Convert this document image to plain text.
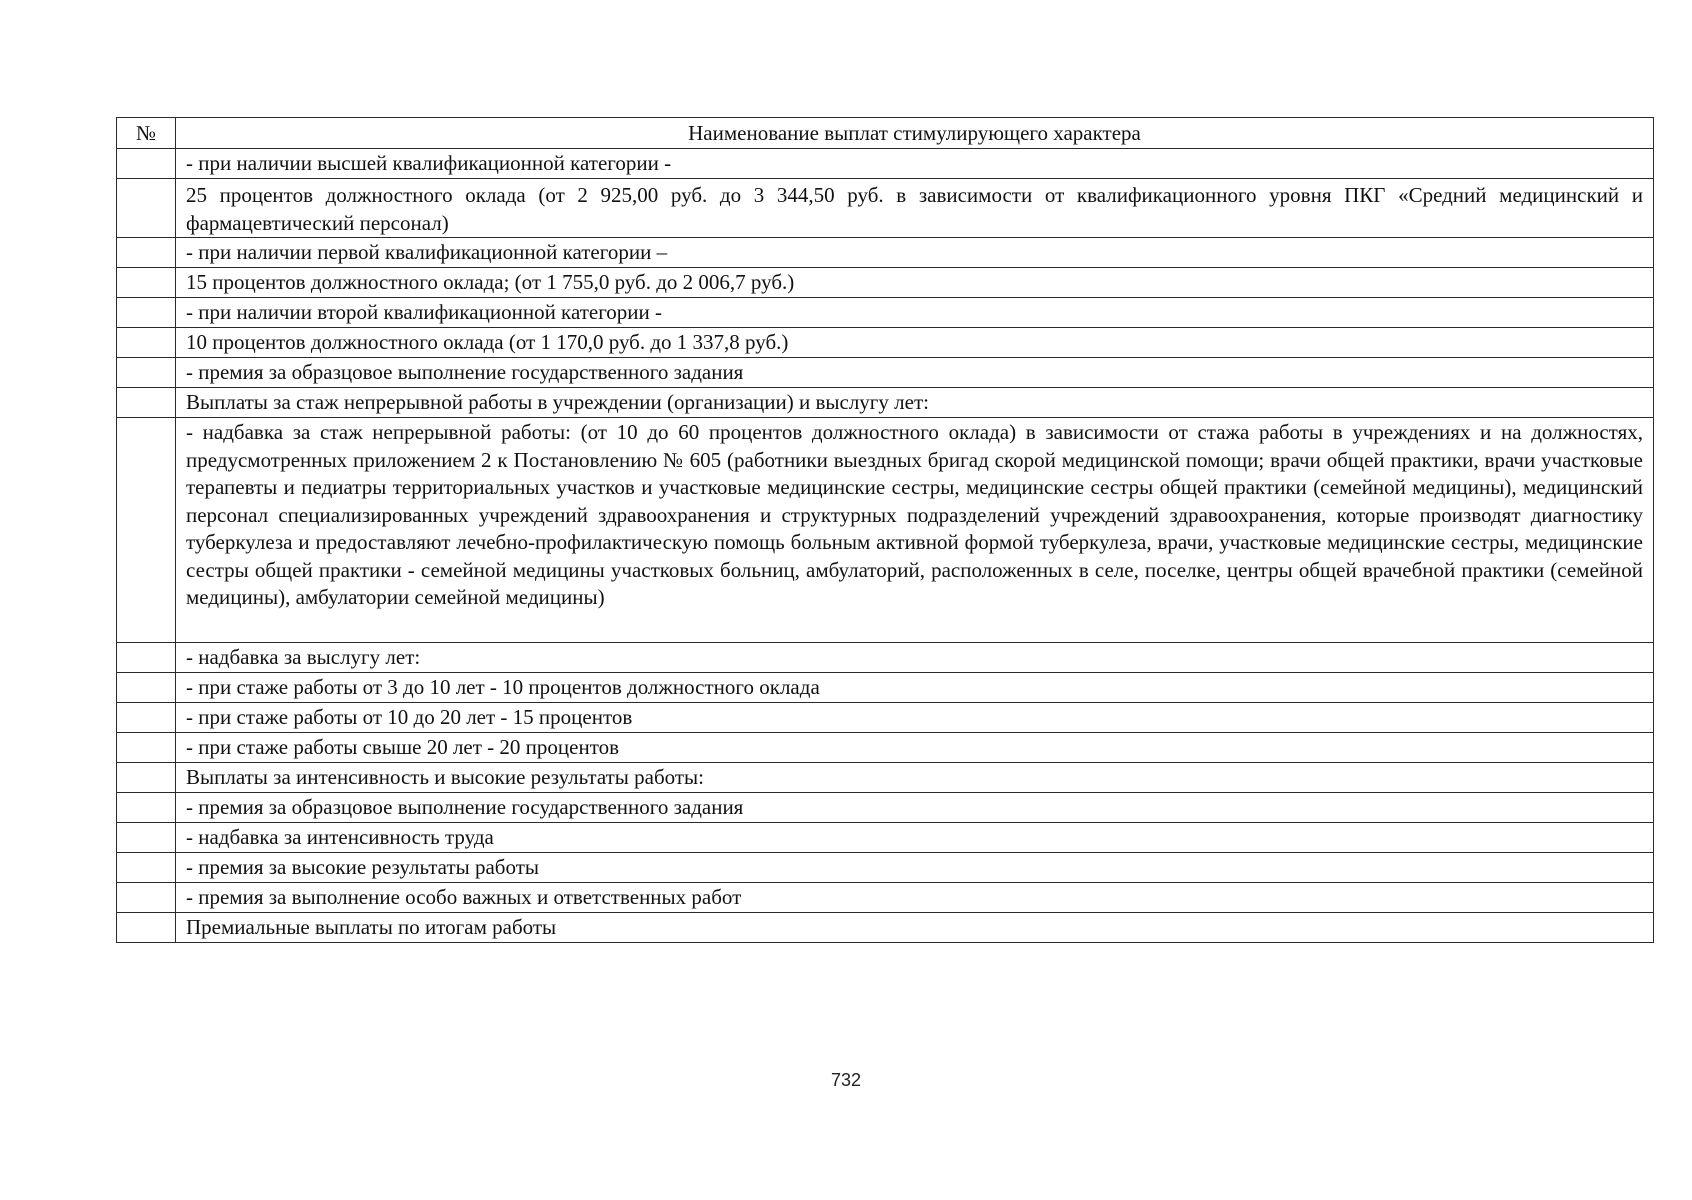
№	Наименование выплат стимулирующего характера
	- при наличии высшей квалификационной категории -
	25 процентов должностного оклада (от 2 925,00 руб. до 3 344,50 руб. в зависимости от квалификационного уровня ПКГ «Средний медицинский и фармацевтический персонал)
	- при наличии первой квалификационной категории –
	15 процентов должностного оклада; (от 1 755,0 руб. до 2 006,7 руб.)
	- при наличии второй квалификационной категории -
	10 процентов должностного оклада (от 1 170,0 руб. до 1 337,8 руб.)
	- премия за образцовое выполнение государственного задания
	Выплаты за стаж непрерывной работы в учреждении (организации) и выслугу лет:
	- надбавка за стаж непрерывной работы: (от 10 до 60 процентов должностного оклада) в зависимости от стажа работы в учреждениях и на должностях, предусмотренных приложением 2 к Постановлению № 605 (работники выездных бригад скорой медицинской помощи; врачи общей практики, врачи участковые терапевты и педиатры территориальных участков и участковые медицинские сестры, медицинские сестры общей практики (семейной медицины), медицинский персонал специализированных учреждений здравоохранения и структурных подразделений учреждений здравоохранения, которые производят диагностику туберкулеза и предоставляют лечебно-профилактическую помощь больным активной формой туберкулеза, врачи, участковые медицинские сестры, медицинские сестры общей практики - семейной медицины участковых больниц, амбулаторий, расположенных в селе, поселке, центры общей врачебной практики (семейной медицины), амбулатории семейной медицины)
	- надбавка за выслугу лет:
	- при стаже работы от 3 до 10 лет - 10 процентов должностного оклада
	- при стаже работы от 10 до 20 лет - 15 процентов
	- при стаже работы свыше 20 лет - 20 процентов
	Выплаты за интенсивность и высокие результаты работы:
	- премия за образцовое выполнение государственного задания
	- надбавка за интенсивность труда
	- премия за высокие результаты работы
	- премия за выполнение особо важных и ответственных работ
	Премиальные выплаты по итогам работы
732
